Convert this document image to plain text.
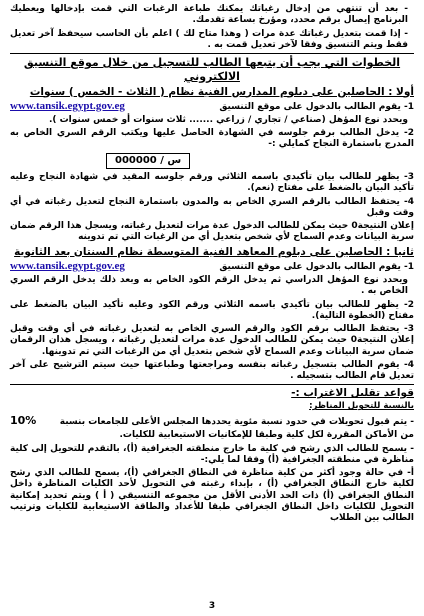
- بعد أن تنتهي من إدخال رغباتك يمكنك طباعة الرغبات التي قمت بإدخالها ويعطيك البرنامج إيصال برقم محدد، ومؤرخ بساعة تقدمك.

- إذا قمت بتعديل رغباتك عدة مرات ( وهذا متاح لك ) اعلم بأن الحاسب سيحفظ آخر تعديل فقط ويتم التنسيق وفقا لآخر تعديل قمت به .

الخطوات التي يجب أن يتبعها الطالب للتسجيل من خلال موقع التنسيق الالكتروني
أولا : الحاصلين على دبلوم المدارس الفنية نظام ( الثلاث - الخمس ) سنوات
1- يقوم الطالب بالدخول على موقع التنسيق
www.tansik.egypt.gov.eg

ويحدد نوع المؤهل (صناعي / تجاري / زراعي ....... ثلاث سنوات أو خمس سنوات ).

2- يدخل الطالب برقم جلوسه في الشهادة الحاصل عليها ويكتب الرقم السري الخاص به المدرج باستمارة النجاح كمايلي :-

س / 000000

3- يظهر للطالب بيان تأكيدي باسمه الثلاثي ورقم جلوسه المقيد في شهادة النجاح وعليه تأكيد البيان بالضغط على مفتاح (نعم).

4- يحتفظ الطالب بالرقم السري الخاص به والمدون باستمارة النجاح لتعديل رغباته في أي وقت وقبل

إعلان النتيجة0 حيث يمكن للطالب الدخول عدة مرات لتعديل رغباته، ويسجل هذا الرقم ضمان سرية البيانات وعدم السماح لأي شخص بتعديل أي من الرغبات التي تم تدوينه

ثانيا : الحاصلين على دبلوم المعاهد الفنية المتوسطة نظام السنتان بعد الثانوية
1- يقوم الطالب بالدخول على موقع التنسيق
www.tansik.egypt.gov.eg

ويحدد نوع المؤهل الدراسي ثم يدخل الرقم الكود الخاص به وبعد ذلك يدخل الرقم السري الخاص به .

2- يظهر للطالب بيان تأكيدي باسمه الثلاثي ورقم الكود وعليه تأكيد البيان بالضغط على مفتاح (الخطوة التالية).

3- يحتفظ الطالب برقم الكود والرقم السري الخاص به لتعديل رغباته في أي وقت وقبل إعلان النتيجة0 حيث يمكن للطالب الدخول عدة مرات لتعديل رغباته ، ويسجل هذان الرقمان ضمان سرية البيانات وعدم السماح لأي شخص بتعديل أي من الرغبات التي تم تدوينها.

4- يقوم الطالب بتسجيل رغباته بنفسه ومراجعتها وطباعتها حيث سيتم الترشيح على آخر تعديل قام الطالب بتسجيله .

قواعد تقليل الاغتراب :-
بالنسبة للتحويل المناظر:
- يتم قبول تحويلات في حدود نسبة مئوية يحددها المجلس الأعلى للجامعات بنسبة
10%

من الأماكن المقررة لكل كلية وطبقا للإمكانيات الاستيعابية للكليات.

- يسمح للطالب الذي رشح في كلية ما خارج منطقته الجغرافية (أ)، بالتقدم للتحويل إلى كلية مناظرة في منطقته الجغرافية (أ) وفقا لما يلي:-

أ- في حالة وجود أكثر من كلية مناظرة في النطاق الجغرافي (أ)، يسمح للطالب الذي رشح لكلية خارج النطاق الجغرافي (أ) ، بإبداء رغبته في التحويل لأحد الكليات المناظرة داخل النطاق الجغرافي (أ) ذات الحد الأدنى الأقل من مجموعه التنسيقي ( أ ) ويتم تحديد إمكانية التحويل للكليات داخل النطاق الجغرافي طبقا للأعداد والطاقة الاستيعابية للكليات وترتيب الطالب بين الطلاب

3
